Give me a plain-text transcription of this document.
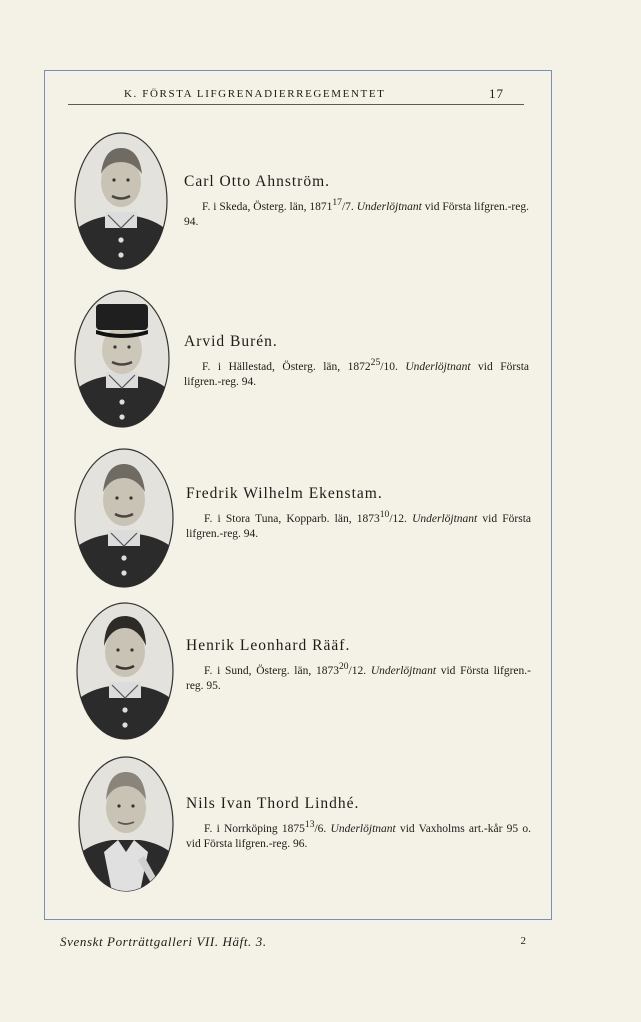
K. FÖRSTA LIFGRENADIERREGEMENTET	17
Carl Otto Ahnström.
F. i Skeda, Österg. län, 1871$^{17}$/7. Underlöjtnant vid Första lifgren.-reg. 94.
Arvid Burén.
F. i Hällestad, Österg. län, 1872$^{25}$/10. Underlöjtnant vid Första lifgren.-reg. 94.
Fredrik Wilhelm Ekenstam.
F. i Stora Tuna, Kopparb. län, 1873$^{10}$/12. Underlöjtnant vid Första lifgren.-reg. 94.
Henrik Leonhard Rääf.
F. i Sund, Österg. län, 1873$^{20}$/12. Underlöjtnant vid Första lifgren.-reg. 95.
Nils Ivan Thord Lindhé.
F. i Norrköping 1875$^{13}$/6. Underlöjtnant vid Vaxholms art.-kår 95 o. vid Första lifgren.-reg. 96.
Svenskt Porträttgalleri VII. Häft. 3.	2
